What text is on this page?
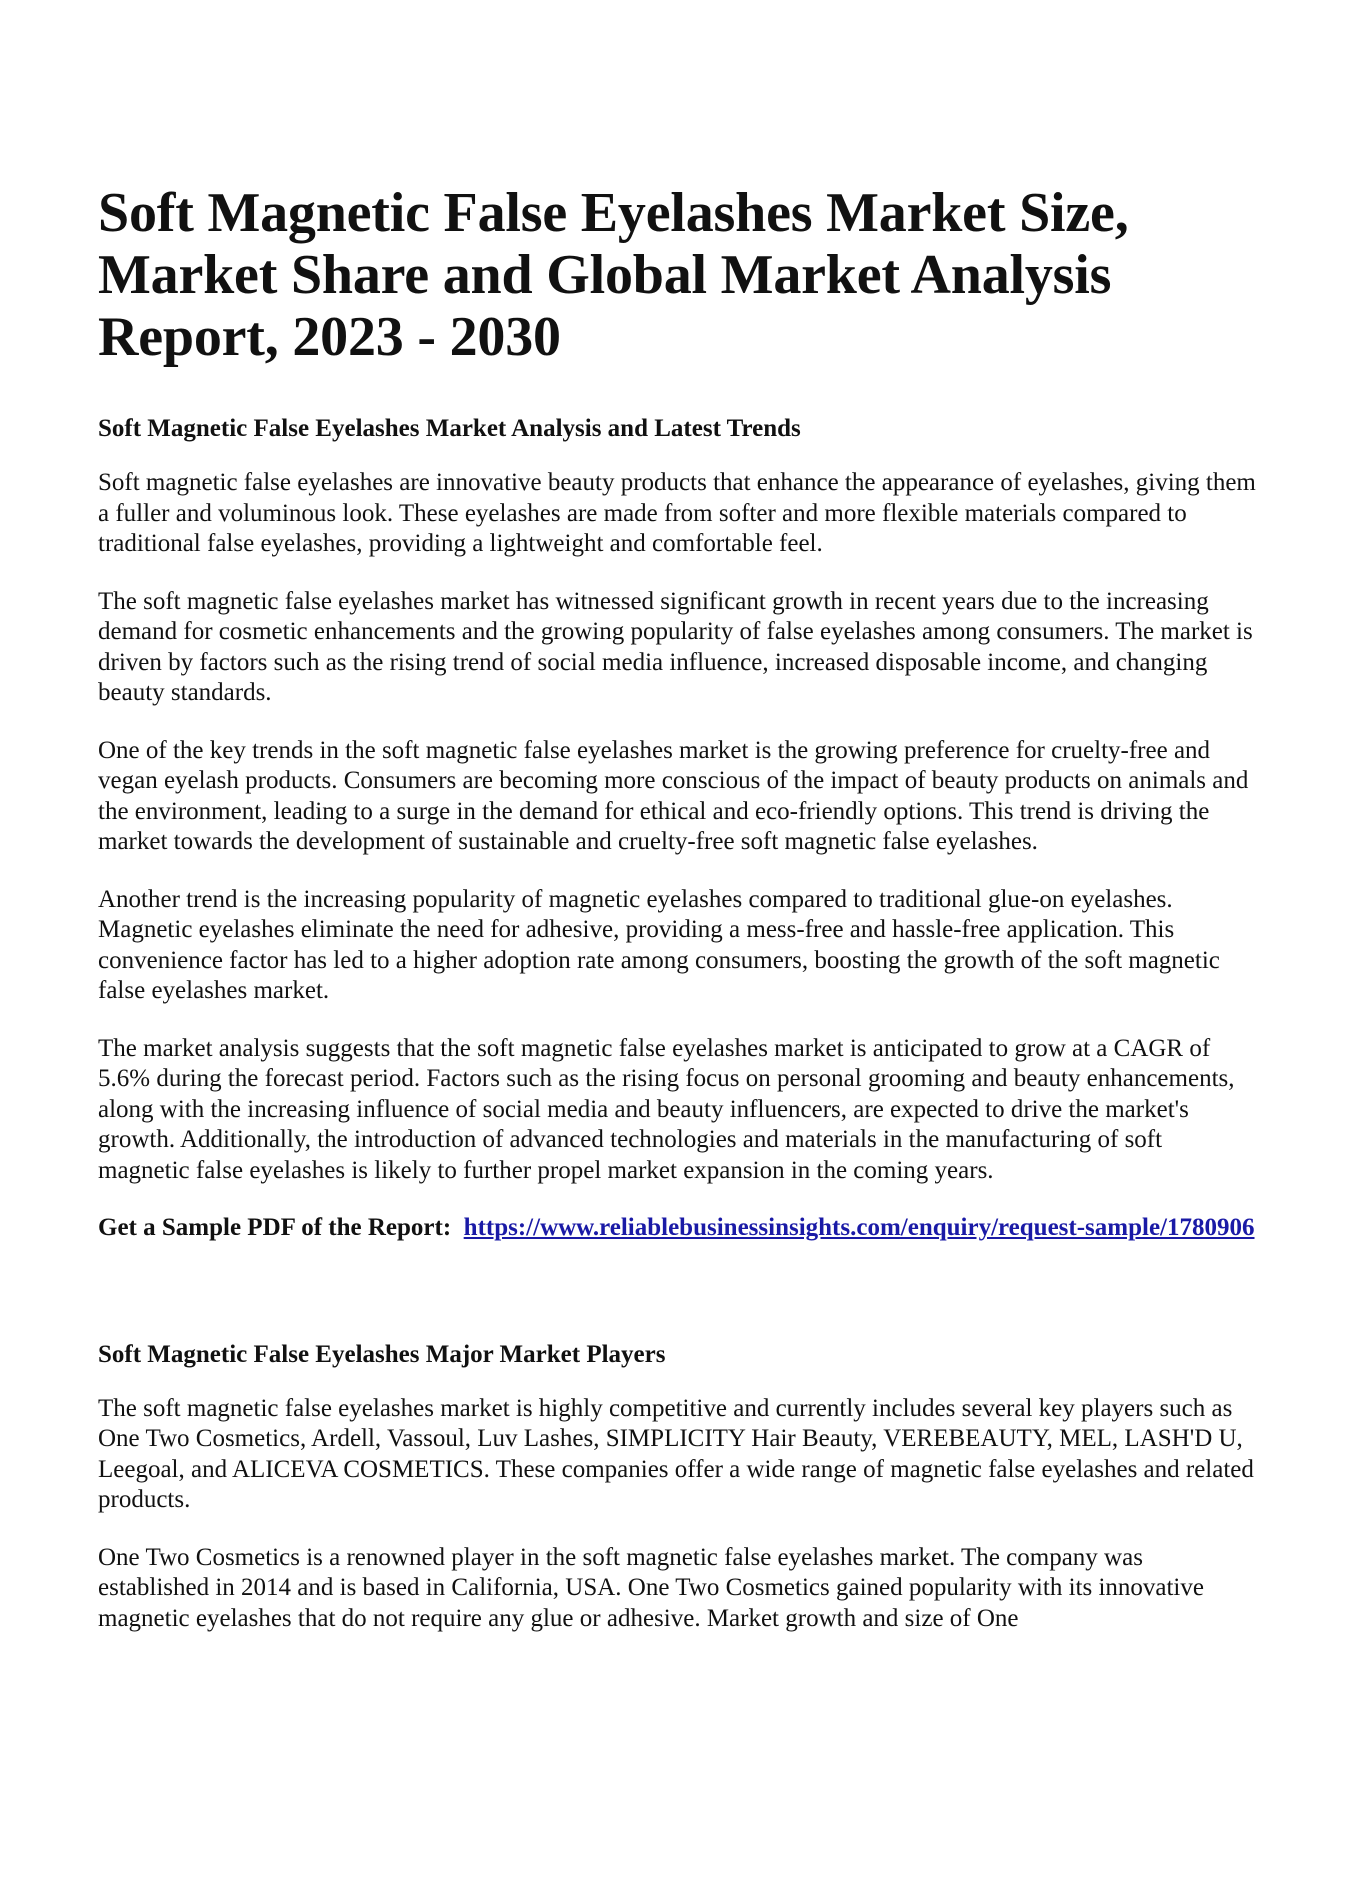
Soft Magnetic False Eyelashes Market Size, Market Share and Global Market Analysis Report, 2023 - 2030
Soft Magnetic False Eyelashes Market Analysis and Latest Trends

Soft magnetic false eyelashes are innovative beauty products that enhance the appearance of eyelashes, giving them a fuller and voluminous look. These eyelashes are made from softer and more flexible materials compared to traditional false eyelashes, providing a lightweight and comfortable feel.

The soft magnetic false eyelashes market has witnessed significant growth in recent years due to the increasing demand for cosmetic enhancements and the growing popularity of false eyelashes among consumers. The market is driven by factors such as the rising trend of social media influence, increased disposable income, and changing beauty standards.

One of the key trends in the soft magnetic false eyelashes market is the growing preference for cruelty-free and vegan eyelash products. Consumers are becoming more conscious of the impact of beauty products on animals and the environment, leading to a surge in the demand for ethical and eco-friendly options. This trend is driving the market towards the development of sustainable and cruelty-free soft magnetic false eyelashes.

Another trend is the increasing popularity of magnetic eyelashes compared to traditional glue-on eyelashes. Magnetic eyelashes eliminate the need for adhesive, providing a mess-free and hassle-free application. This convenience factor has led to a higher adoption rate among consumers, boosting the growth of the soft magnetic false eyelashes market.

The market analysis suggests that the soft magnetic false eyelashes market is anticipated to grow at a CAGR of 5.6% during the forecast period. Factors such as the rising focus on personal grooming and beauty enhancements, along with the increasing influence of social media and beauty influencers, are expected to drive the market's growth. Additionally, the introduction of advanced technologies and materials in the manufacturing of soft magnetic false eyelashes is likely to further propel market expansion in the coming years.

Get a Sample PDF of the Report: https://www.reliablebusinessinsights.com/enquiry/request-sample/1780906

Soft Magnetic False Eyelashes Major Market Players

The soft magnetic false eyelashes market is highly competitive and currently includes several key players such as One Two Cosmetics, Ardell, Vassoul, Luv Lashes, SIMPLICITY Hair Beauty, VEREBEAUTY, MEL, LASH'D U, Leegoal, and ALICEVA COSMETICS. These companies offer a wide range of magnetic false eyelashes and related products.

One Two Cosmetics is a renowned player in the soft magnetic false eyelashes market. The company was established in 2014 and is based in California, USA. One Two Cosmetics gained popularity with its innovative magnetic eyelashes that do not require any glue or adhesive. Market growth and size of One
